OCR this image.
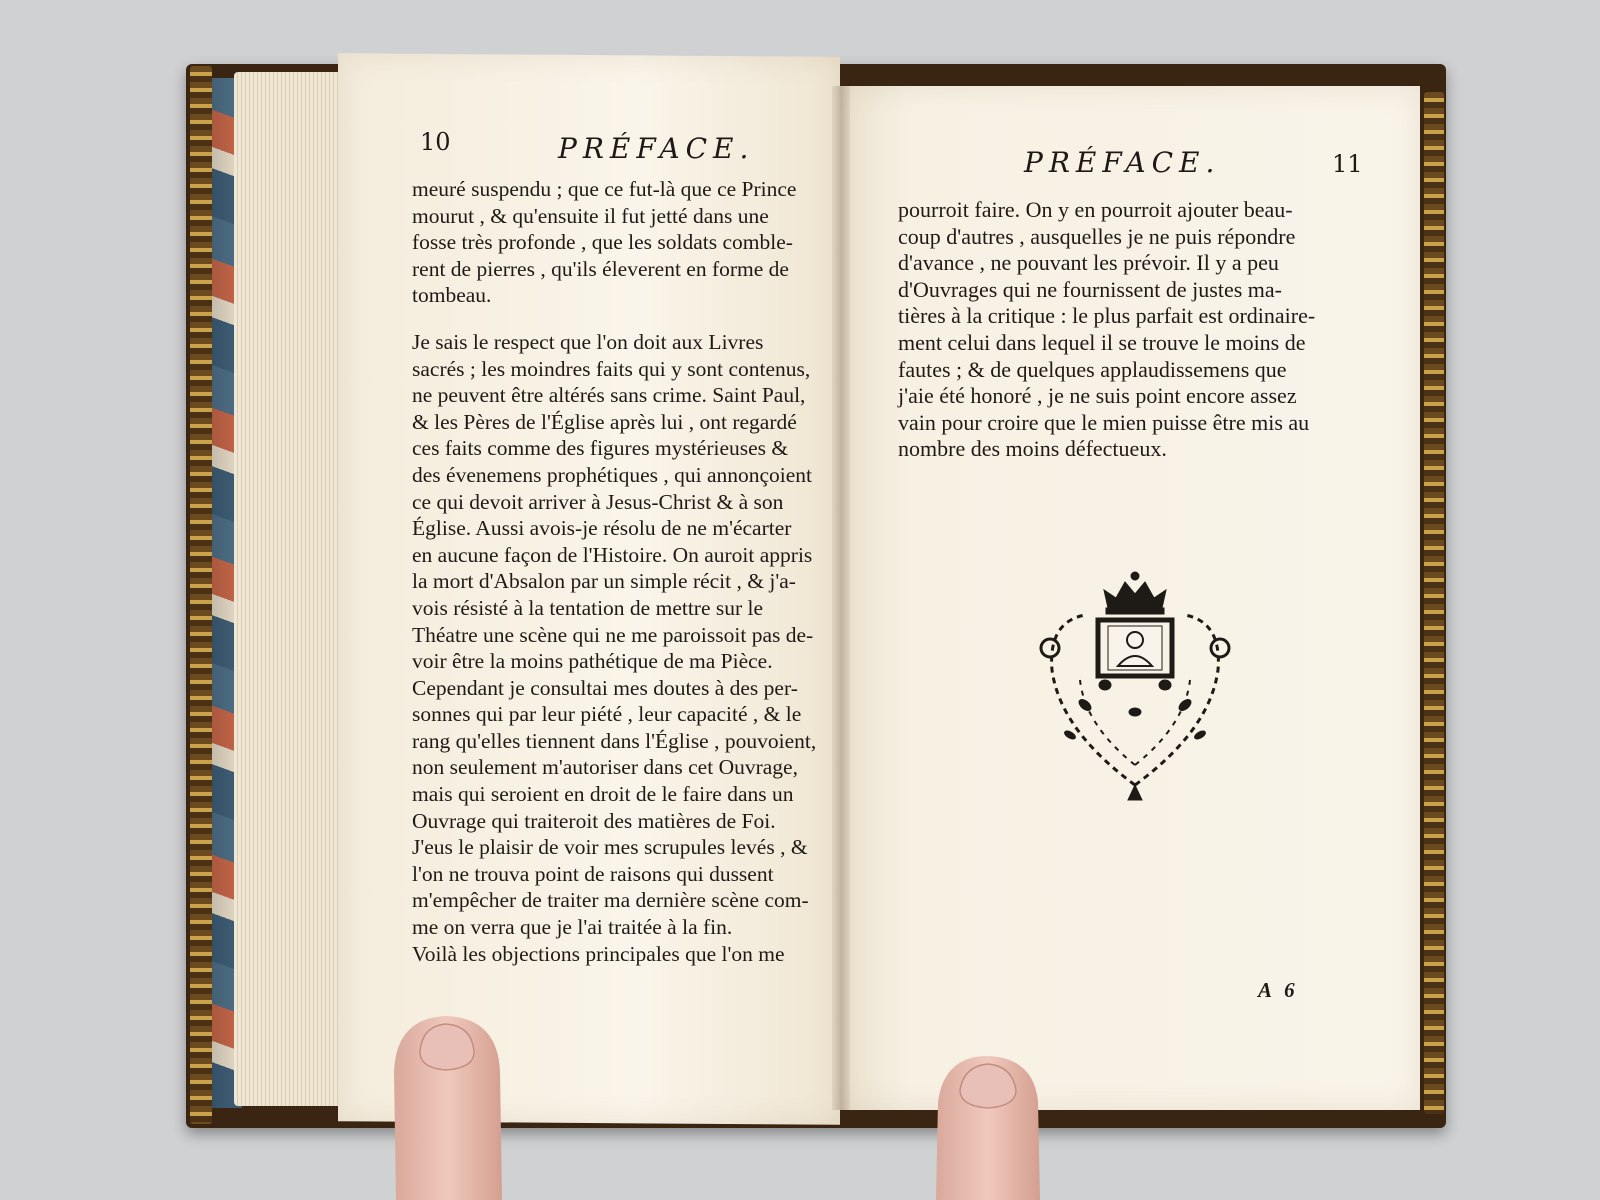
10	PRÉFACE.
meuré suspendu ; que ce fut-là que ce Prince
mourut , & qu'ensuite il fut jetté dans une
fosse très profonde , que les soldats comble-
rent de pierres , qu'ils éleverent en forme de
tombeau.
Je sais le respect que l'on doit aux Livres
sacrés ; les moindres faits qui y sont contenus,
ne peuvent être altérés sans crime. Saint Paul,
& les Pères de l'Église après lui , ont regardé
ces faits comme des figures mystérieuses &
des évenemens prophétiques , qui annonçoient
ce qui devoit arriver à Jesus-Christ & à son
Église. Aussi avois-je résolu de ne m'écarter
en aucune façon de l'Histoire. On auroit appris
la mort d'Absalon par un simple récit , & j'a-
vois résisté à la tentation de mettre sur le
Théatre une scène qui ne me paroissoit pas de-
voir être la moins pathétique de ma Pièce.
Cependant je consultai mes doutes à des per-
sonnes qui par leur piété , leur capacité , & le
rang qu'elles tiennent dans l'Église , pouvoient,
non seulement m'autoriser dans cet Ouvrage,
mais qui seroient en droit de le faire dans un
Ouvrage qui traiteroit des matières de Foi.
J'eus le plaisir de voir mes scrupules levés , &
l'on ne trouva point de raisons qui dussent
m'empêcher de traiter ma dernière scène com-
me on verra que je l'ai traitée à la fin.
Voilà les objections principales que l'on me
PRÉFACE.	11
pourroit faire. On y en pourroit ajouter beau-
coup d'autres , ausquelles je ne puis répondre
d'avance , ne pouvant les prévoir. Il y a peu
d'Ouvrages qui ne fournissent de justes ma-
tières à la critique : le plus parfait est ordinaire-
ment celui dans lequel il se trouve le moins de
fautes ; & de quelques applaudissemens que
j'aie été honoré , je ne suis point encore assez
vain pour croire que le mien puisse être mis au
nombre des moins défectueux.
A 6
